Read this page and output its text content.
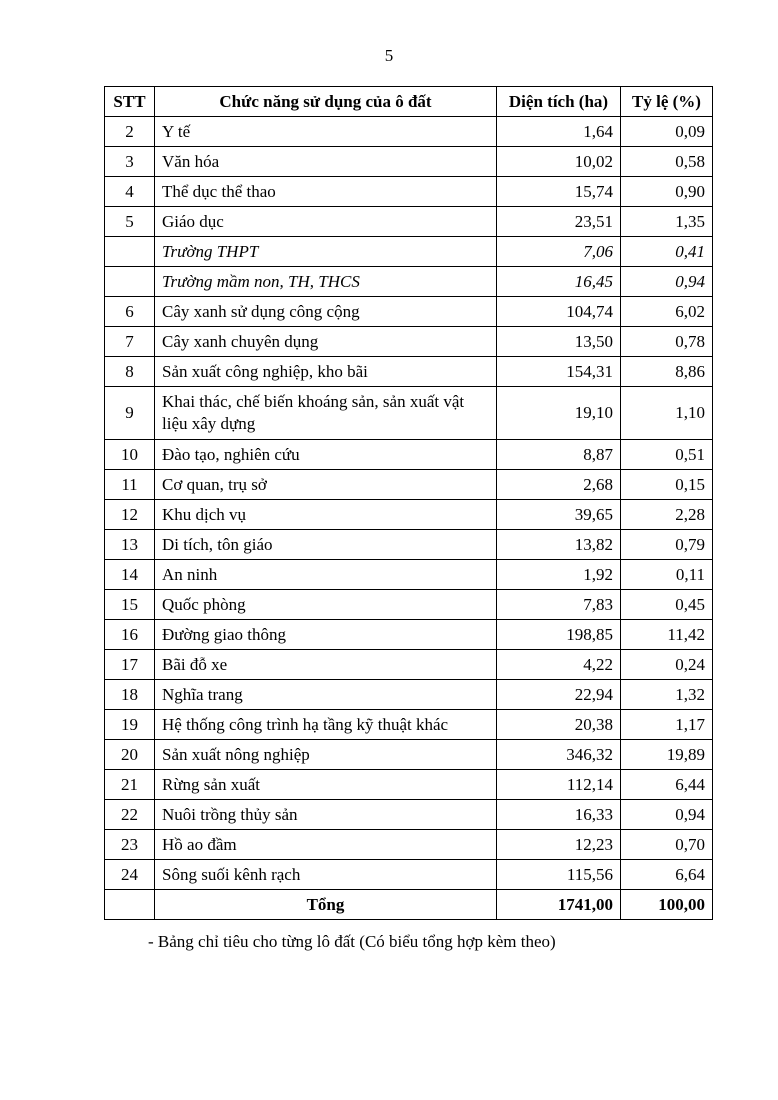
5
STT	Chức năng sử dụng của ô đất	Diện tích (ha)	Tỷ lệ (%)
2	Y tế	1,64	0,09
3	Văn hóa	10,02	0,58
4	Thể dục thể thao	15,74	0,90
5	Giáo dục	23,51	1,35
	Trường THPT	7,06	0,41
	Trường mầm non, TH, THCS	16,45	0,94
6	Cây xanh sử dụng công cộng	104,74	6,02
7	Cây xanh chuyên dụng	13,50	0,78
8	Sản xuất công nghiệp, kho bãi	154,31	8,86
9	Khai thác, chế biến khoáng sản, sản xuất vật liệu xây dựng	19,10	1,10
10	Đào tạo, nghiên cứu	8,87	0,51
11	Cơ quan, trụ sở	2,68	0,15
12	Khu dịch vụ	39,65	2,28
13	Di tích, tôn giáo	13,82	0,79
14	An ninh	1,92	0,11
15	Quốc phòng	7,83	0,45
16	Đường giao thông	198,85	11,42
17	Bãi đỗ xe	4,22	0,24
18	Nghĩa trang	22,94	1,32
19	Hệ thống công trình hạ tầng kỹ thuật khác	20,38	1,17
20	Sản xuất nông nghiệp	346,32	19,89
21	Rừng sản xuất	112,14	6,44
22	Nuôi trồng thủy sản	16,33	0,94
23	Hồ ao đầm	12,23	0,70
24	Sông suối kênh rạch	115,56	6,64
	Tổng	1741,00	100,00
- Bảng chỉ tiêu cho từng lô đất (Có biểu tổng hợp kèm theo)
